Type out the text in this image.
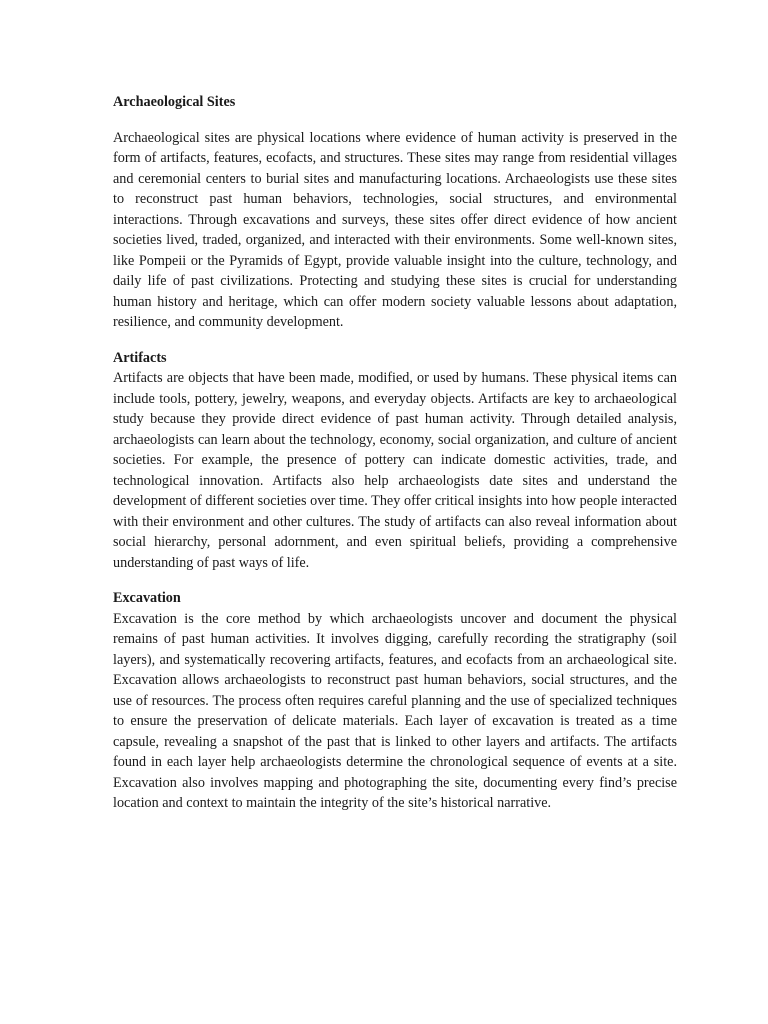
Archaeological Sites

Archaeological sites are physical locations where evidence of human activity is preserved in the form of artifacts, features, ecofacts, and structures. These sites may range from residential villages and ceremonial centers to burial sites and manufacturing locations. Archaeologists use these sites to reconstruct past human behaviors, technologies, social structures, and environmental interactions. Through excavations and surveys, these sites offer direct evidence of how ancient societies lived, traded, organized, and interacted with their environments. Some well-known sites, like Pompeii or the Pyramids of Egypt, provide valuable insight into the culture, technology, and daily life of past civilizations. Protecting and studying these sites is crucial for understanding human history and heritage, which can offer modern society valuable lessons about adaptation, resilience, and community development.

Artifacts

Artifacts are objects that have been made, modified, or used by humans. These physical items can include tools, pottery, jewelry, weapons, and everyday objects. Artifacts are key to archaeological study because they provide direct evidence of past human activity. Through detailed analysis, archaeologists can learn about the technology, economy, social organization, and culture of ancient societies. For example, the presence of pottery can indicate domestic activities, trade, and technological innovation. Artifacts also help archaeologists date sites and understand the development of different societies over time. They offer critical insights into how people interacted with their environment and other cultures. The study of artifacts can also reveal information about social hierarchy, personal adornment, and even spiritual beliefs, providing a comprehensive understanding of past ways of life.

Excavation

Excavation is the core method by which archaeologists uncover and document the physical remains of past human activities. It involves digging, carefully recording the stratigraphy (soil layers), and systematically recovering artifacts, features, and ecofacts from an archaeological site. Excavation allows archaeologists to reconstruct past human behaviors, social structures, and the use of resources. The process often requires careful planning and the use of specialized techniques to ensure the preservation of delicate materials. Each layer of excavation is treated as a time capsule, revealing a snapshot of the past that is linked to other layers and artifacts. The artifacts found in each layer help archaeologists determine the chronological sequence of events at a site. Excavation also involves mapping and photographing the site, documenting every find’s precise location and context to maintain the integrity of the site’s historical narrative.
